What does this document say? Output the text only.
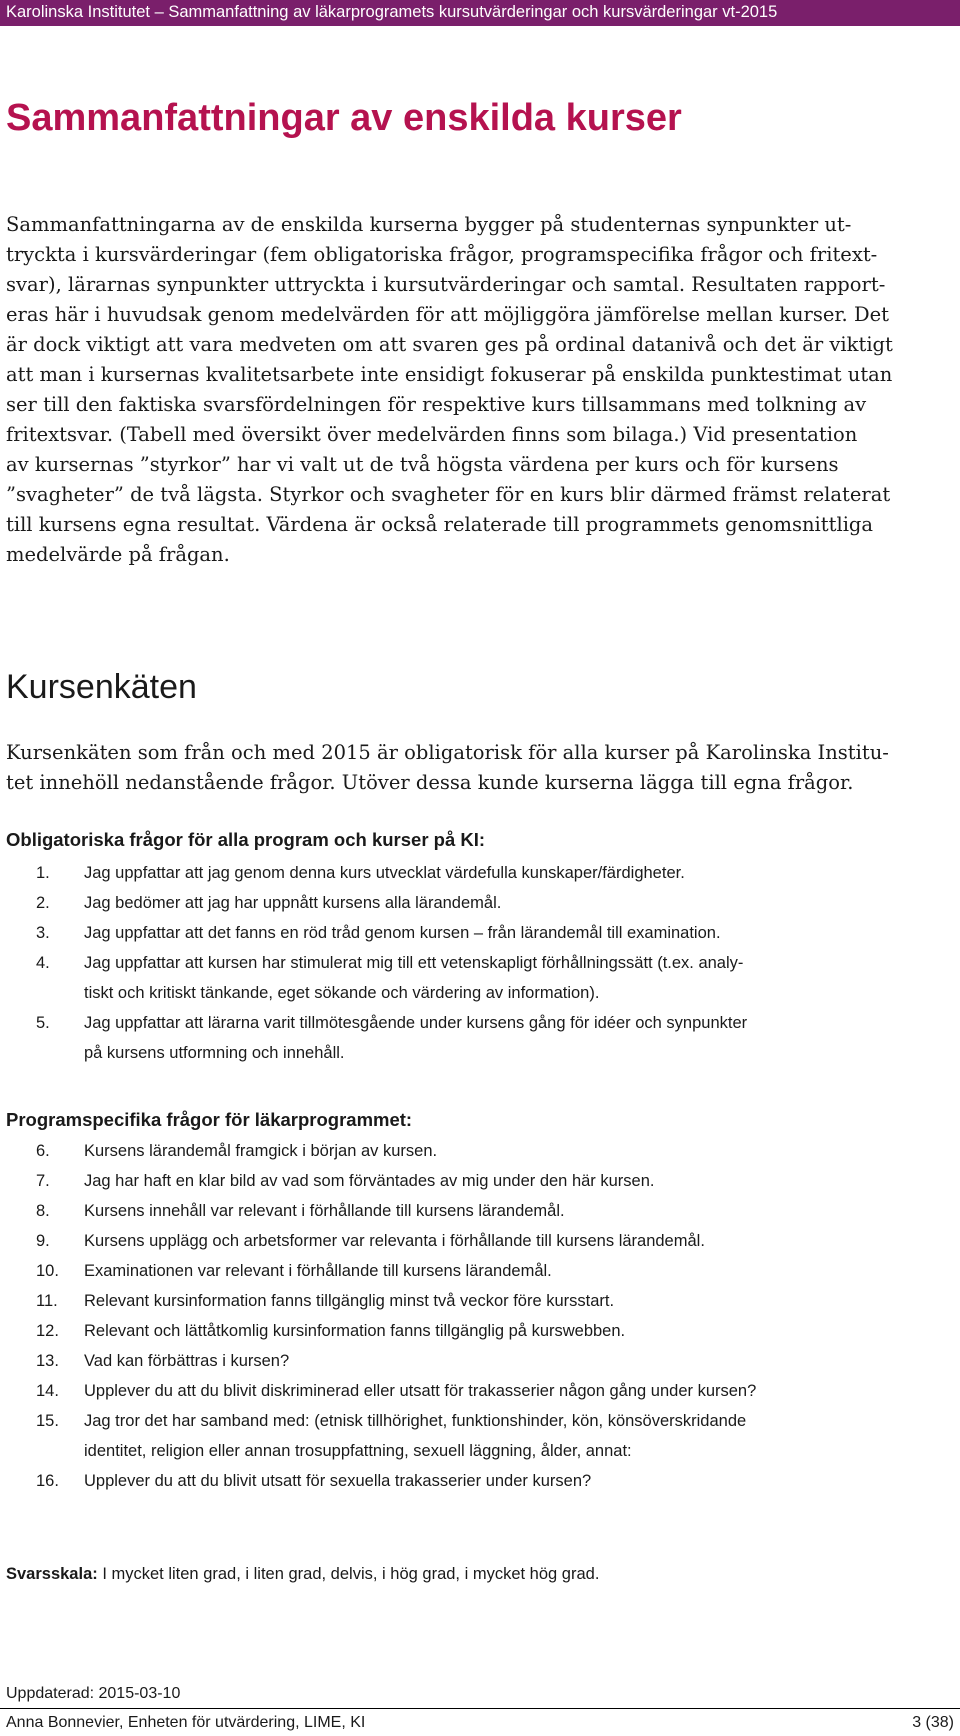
Karolinska Institutet – Sammanfattning av läkarprogramets kursutvärderingar och kursvärderingar vt-2015
Sammanfattningar av enskilda kurser

Sammanfattningarna av de enskilda kurserna bygger på studenternas synpunkter ut-
tryckta i kursvärderingar (fem obligatoriska frågor, programspecifika frågor och fritext-
svar), lärarnas synpunkter uttryckta i kursutvärderingar och samtal. Resultaten rapport-
eras här i huvudsak genom medelvärden för att möjliggöra jämförelse mellan kurser. Det
är dock viktigt att vara medveten om att svaren ges på ordinal datanivå och det är viktigt
att man i kursernas kvalitetsarbete inte ensidigt fokuserar på enskilda punktestimat utan
ser till den faktiska svarsfördelningen för respektive kurs tillsammans med tolkning av
fritextsvar. (Tabell med översikt över medelvärden finns som bilaga.) Vid presentation
av kursernas ”styrkor” har vi valt ut de två högsta värdena per kurs och för kursens
”svagheter” de två lägsta. Styrkor och svagheter för en kurs blir därmed främst relaterat
till kursens egna resultat. Värdena är också relaterade till programmets genomsnittliga
medelvärde på frågan.

Kursenkäten

Kursenkäten som från och med 2015 är obligatorisk för alla kurser på Karolinska Institu-
tet innehöll nedanstående frågor. Utöver dessa kunde kurserna lägga till egna frågor.

Obligatoriska frågor för alla program och kurser på KI:

1.	Jag uppfattar att jag genom denna kurs utvecklat värdefulla kunskaper/färdigheter.
2.	Jag bedömer att jag har uppnått kursens alla lärandemål.
3.	Jag uppfattar att det fanns en röd tråd genom kursen – från lärandemål till examination.
4.	Jag uppfattar att kursen har stimulerat mig till ett vetenskapligt förhållningssätt (t.ex. analy-
tiskt och kritiskt tänkande, eget sökande och värdering av information).
5.	Jag uppfattar att lärarna varit tillmötesgående under kursens gång för idéer och synpunkter
på kursens utformning och innehåll.

Programspecifika frågor för läkarprogrammet:

6.	Kursens lärandemål framgick i början av kursen.
7.	Jag har haft en klar bild av vad som förväntades av mig under den här kursen.
8.	Kursens innehåll var relevant i förhållande till kursens lärandemål.
9.	Kursens upplägg och arbetsformer var relevanta i förhållande till kursens lärandemål.
10.	Examinationen var relevant i förhållande till kursens lärandemål.
11.	Relevant kursinformation fanns tillgänglig minst två veckor före kursstart.
12.	Relevant och lättåtkomlig kursinformation fanns tillgänglig på kurswebben.
13.	Vad kan förbättras i kursen?
14.	Upplever du att du blivit diskriminerad eller utsatt för trakasserier någon gång under kursen?
15.	Jag tror det har samband med: (etnisk tillhörighet, funktionshinder, kön, könsöverskridande
identitet, religion eller annan trosuppfattning, sexuell läggning, ålder, annat:
16.	Upplever du att du blivit utsatt för sexuella trakasserier under kursen?

Svarsskala: I mycket liten grad, i liten grad, delvis, i hög grad, i mycket hög grad.

Uppdaterad: 2015-03-10
Anna Bonnevier, Enheten för utvärdering, LIME, KI	3 (38)
